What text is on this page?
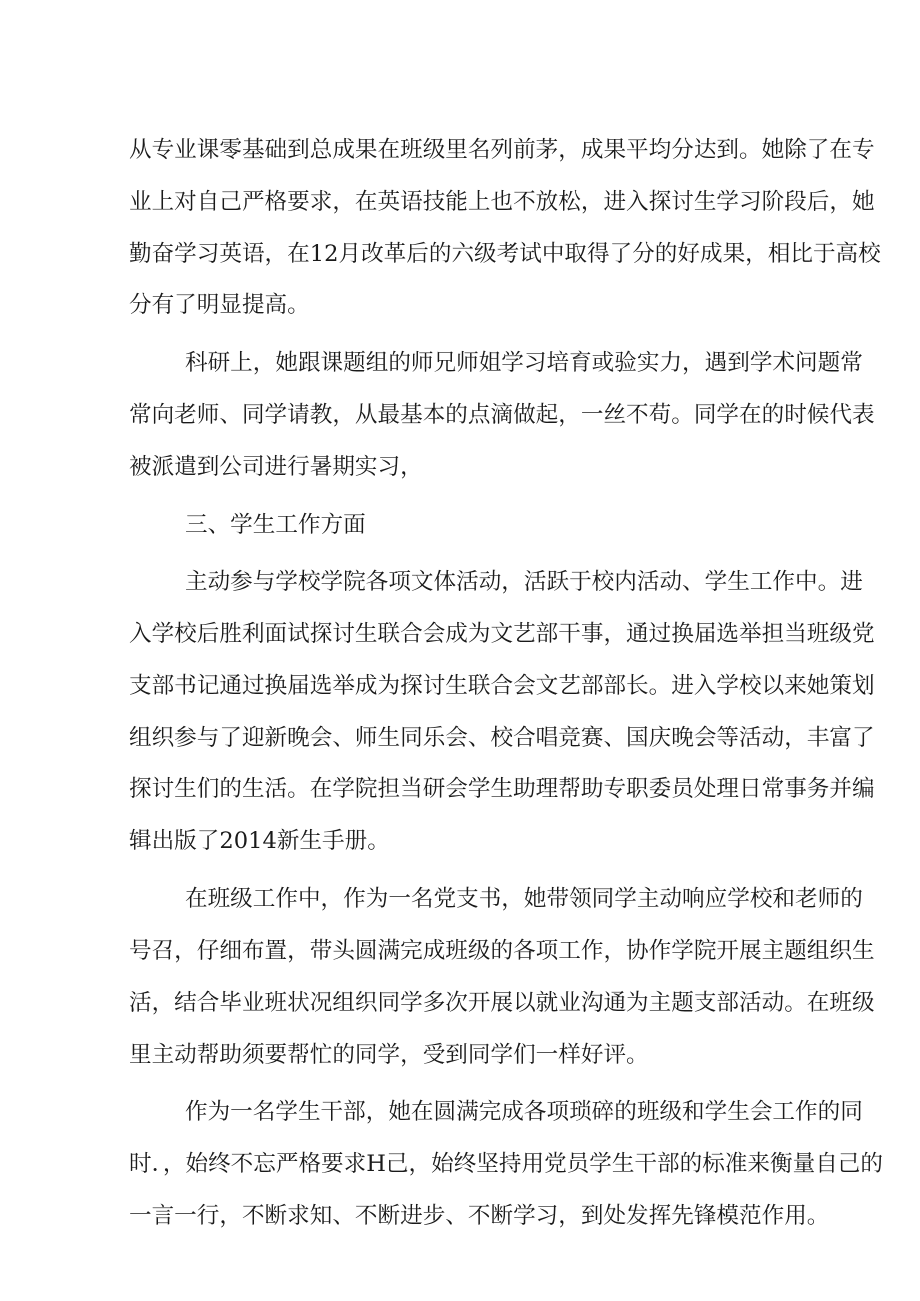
从专业课零基础到总成果在班级里名列前茅，成果平均分达到。她除了在专
业上对自己严格要求，在英语技能上也不放松，进入探讨生学习阶段后，她
勤奋学习英语，在12月改革后的六级考试中取得了分的好成果，相比于高校
分有了明显提高。
科研上，她跟课题组的师兄师姐学习培育或验实力，遇到学术问题常
常向老师、同学请教，从最基本的点滴做起，一丝不苟。同学在的时候代表
被派遣到公司进行暑期实习，
三、学生工作方面
主动参与学校学院各项文体活动，活跃于校内活动、学生工作中。进
入学校后胜利面试探讨生联合会成为文艺部干事，通过换届选举担当班级党
支部书记通过换届选举成为探讨生联合会文艺部部长。进入学校以来她策划
组织参与了迎新晚会、师生同乐会、校合唱竞赛、国庆晚会等活动，丰富了
探讨生们的生活。在学院担当研会学生助理帮助专职委员处理日常事务并编
辑出版了2014新生手册。
在班级工作中，作为一名党支书，她带领同学主动响应学校和老师的
号召，仔细布置，带头圆满完成班级的各项工作，协作学院开展主题组织生
活，结合毕业班状况组织同学多次开展以就业沟通为主题支部活动。在班级
里主动帮助须要帮忙的同学，受到同学们一样好评。
作为一名学生干部，她在圆满完成各项琐碎的班级和学生会工作的同
时．，始终不忘严格要求H己，始终坚持用党员学生干部的标准来衡量自己的
一言一行，不断求知、不断进步、不断学习，到处发挥先锋模范作用。
